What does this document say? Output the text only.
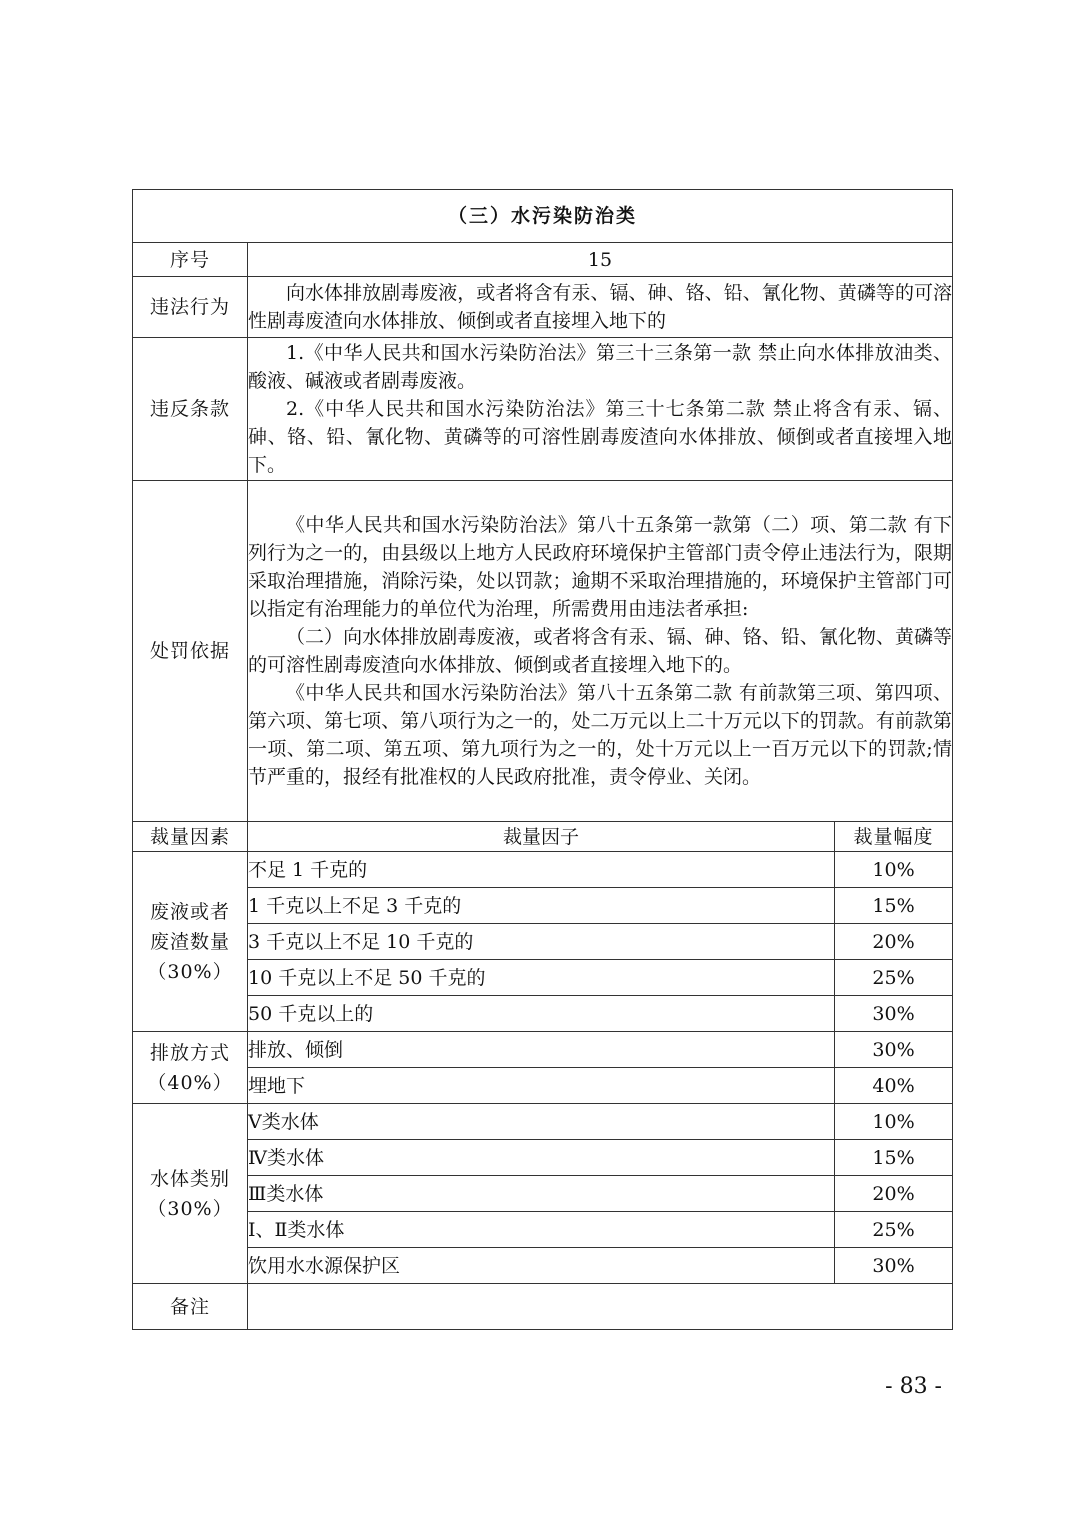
（三）水污染防治类		
序号	15	
违法行为	向水体排放剧毒废液，或者将含有汞、镉、砷、铬、铅、氰化物、黄磷等的可溶性剧毒废渣向水体排放、倾倒或者直接埋入地下的	

违反条款	1.《中华人民共和国水污染防治法》第三十三条第一款 禁止向水体排放油类、酸液、碱液或者剧毒废液。

2.《中华人民共和国水污染防治法》第三十七条第二款 禁止将含有汞、镉、砷、铬、铅、氰化物、黄磷等的可溶性剧毒废渣向水体排放、倾倒或者直接埋入地下。	

处罚依据	《中华人民共和国水污染防治法》第八十五条第一款第（二）项、第二款 有下列行为之一的，由县级以上地方人民政府环境保护主管部门责令停止违法行为，限期采取治理措施，消除污染，处以罚款；逾期不采取治理措施的，环境保护主管部门可以指定有治理能力的单位代为治理，所需费用由违法者承担:

（二）向水体排放剧毒废液，或者将含有汞、镉、砷、铬、铅、氰化物、黄磷等的可溶性剧毒废渣向水体排放、倾倒或者直接埋入地下的。

《中华人民共和国水污染防治法》第八十五条第二款 有前款第三项、第四项、第六项、第七项、第八项行为之一的，处二万元以上二十万元以下的罚款。有前款第一项、第二项、第五项、第九项行为之一的，处十万元以上一百万元以下的罚款;情节严重的，报经有批准权的人民政府批准，责令停业、关闭。	

裁量因素	裁量因子	裁量幅度

废液或者
废渣数量
（30%）	不足 1 千克的	10%
	1 千克以上不足 3 千克的	15%
	3 千克以上不足 10 千克的	20%
	10 千克以上不足 50 千克的	25%
	50 千克以上的	30%

排放方式
（40%）	排放、倾倒	30%
	埋地下	40%

水体类别
（30%）	Ⅴ类水体	10%
	Ⅳ类水体	15%
	Ⅲ类水体	20%
	Ⅰ、Ⅱ类水体	25%
	饮用水水源保护区	30%
备注		
- 83 -
